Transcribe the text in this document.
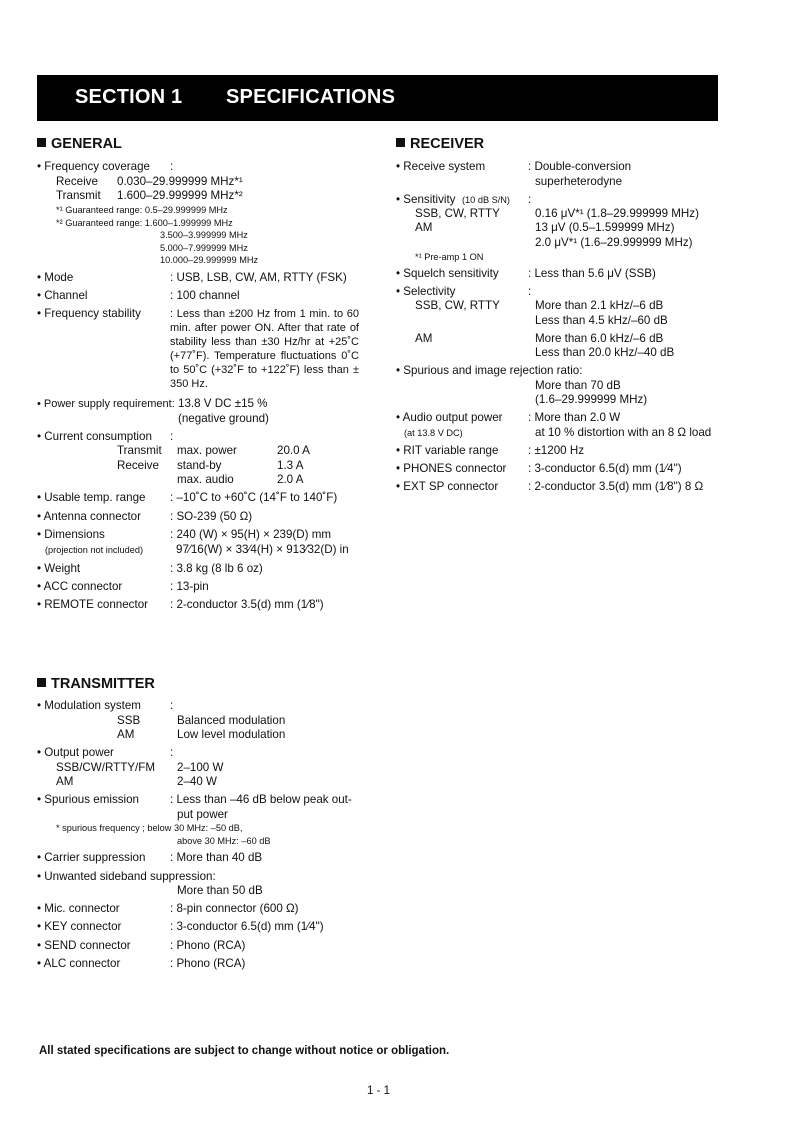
SECTION 1 SPECIFICATIONS
GENERAL
• Frequency coverage :
Receive 0.030–29.999999 MHz*¹
Transmit 1.600–29.999999 MHz*²
*¹ Guaranteed range: 0.5–29.999999 MHz
*² Guaranteed range: 1.600–1.999999 MHz
3.500–3.999999 MHz
5.000–7.999999 MHz
10.000–29.999999 MHz
• Mode	: USB, LSB, CW, AM, RTTY (FSK)
• Channel	: 100 channel
• Frequency stability	: Less than ±200 Hz from 1 min. to 60 min. after power ON. After that rate of stability less than ±30 Hz/hr at +25˚C (+77˚F). Temperature fluctuations 0˚C to 50˚C (+32˚F to +122˚F) less than ± 350 Hz.
• Power supply requirement: 13.8 V DC ±15 %
(negative ground)
• Current consumption :
Transmit max. power	20.0 A
Receive stand-by	1.3 A
max. audio	2.0 A
• Usable temp. range : –10˚C to +60˚C (14˚F to 140˚F)
• Antenna connector	: SO-239 (50 Ω)
• Dimensions	: 240 (W) × 95(H) × 239(D) mm
(projection not included)	97⁄16(W) × 33⁄4(H) × 913⁄32(D) in
• Weight	: 3.8 kg (8 lb 6 oz)
• ACC connector	: 13-pin
• REMOTE connector : 2-conductor 3.5(d) mm (1⁄8")
TRANSMITTER
• Modulation system	:
SSB	Balanced modulation
AM	Low level modulation
• Output power	:
SSB/CW/RTTY/FM 2–100 W
AM	2–40 W
• Spurious emission	: Less than –46 dB below peak out-
put power
* spurious frequency ; below 30 MHz: –50 dB,
above 30 MHz: –60 dB
• Carrier suppression : More than 40 dB
• Unwanted sideband suppression:
More than 50 dB
• Mic. connector	: 8-pin connector (600 Ω)
• KEY connector	: 3-conductor 6.5(d) mm (1⁄4")
• SEND connector	: Phono (RCA)
• ALC connector	: Phono (RCA)
RECEIVER
• Receive system	: Double-conversion
superheterodyne
• Sensitivity (10 dB S/N) :
SSB, CW, RTTY	0.16 μV*¹ (1.8–29.999999 MHz)
AM	13 μV (0.5–1.599999 MHz)
2.0 μV*¹ (1.6–29.999999 MHz)
*¹ Pre-amp 1 ON
• Squelch sensitivity	: Less than 5.6 μV (SSB)
• Selectivity	:
SSB, CW, RTTY	More than 2.1 kHz/–6 dB
Less than 4.5 kHz/–60 dB
AM	More than 6.0 kHz/–6 dB
Less than 20.0 kHz/–40 dB
• Spurious and image rejection ratio:
More than 70 dB
(1.6–29.999999 MHz)
• Audio output power : More than 2.0 W
(at 13.8 V DC)	at 10 % distortion with an 8 Ω load
• RIT variable range	: ±1200 Hz
• PHONES connector : 3-conductor 6.5(d) mm (1⁄4")
• EXT SP connector	: 2-conductor 3.5(d) mm (1⁄8") 8 Ω
All stated specifications are subject to change without notice or obligation.
1 - 1
